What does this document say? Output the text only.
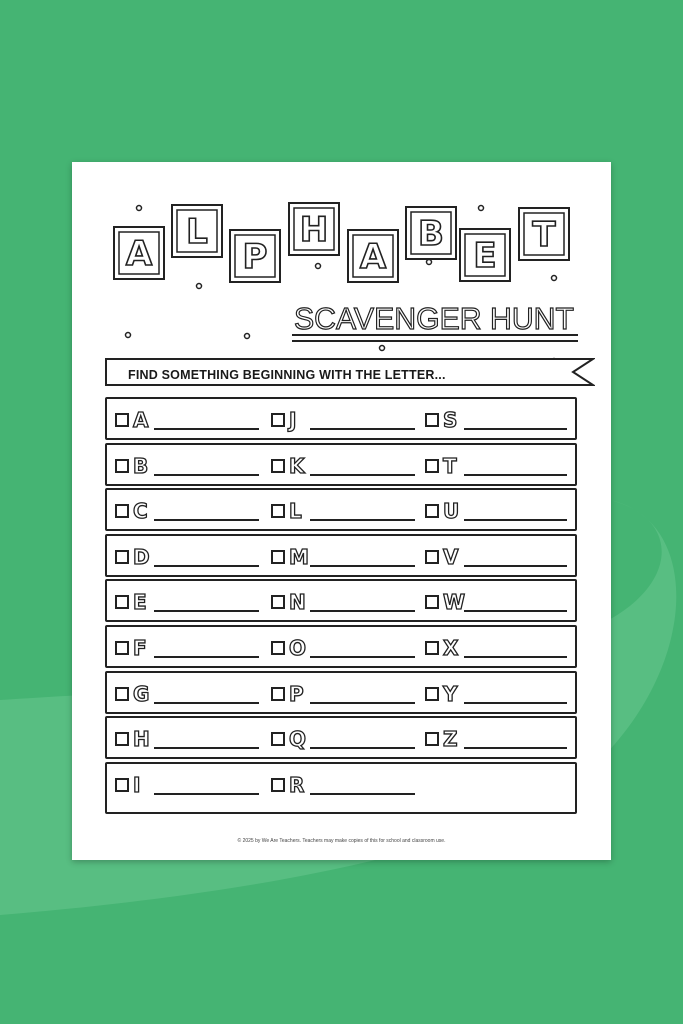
A
L
P
H
A
B
E
T
SCAVENGER HUNT
FIND SOMETHING BEGINNING WITH THE LETTER...
A	J	S
B	K	T
C	L	U
D	M	V
E	N	W
F	O	X
G	P	Y
H	Q	Z
I	R
© 2025 by We Are Teachers. Teachers may make copies of this for school and classroom use.
